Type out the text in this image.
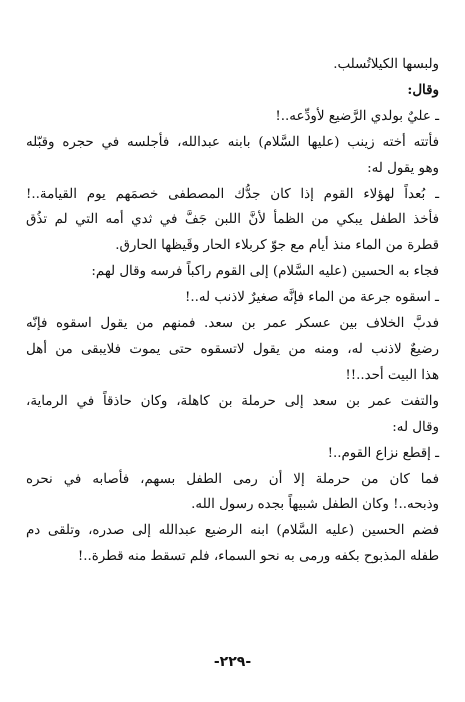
ولبسها الكيلاتُسلب.
وقال:
ـ عليٌ بولدي الرَّضيع لأودِّعه..!
فأتته أخته زينب (عليها السَّلام) بابنه عبدالله، فأجلسه في حجره وقبّله
وهو يقول له:
ـ بُعداً لهؤلاء القوم إذا كان جدُّك المصطفى خصمَهم يوم القيامة..!
فأخذ الطفل يبكي من الظمأ لأنَّ اللبن جَفَّ في ثدي أمه التي لم تذُق
قطرة من الماء منذ أيام مع جوّ كربلاء الحار وقَيظها الحارق.
فجاء به الحسين (عليه السَّلام) إلى القوم راكباً فرسه وقال لهم:
ـ اسقوه جرعة من الماء فإنَّه صغيرٌ لاذنب له..!
فدبَّ الخلاف بين عسكر عمر بن سعد. فمنهم من يقول اسقوه فإنّه
رضيعٌ لاذنب له، ومنه من يقول لاتسقوه حتى يموت فلايبقى من أهل
هذا البيت أحد..!!
والتفت عمر بن سعد إلى حرملة بن كاهلة، وكان حاذقاً في الرماية،
وقال له:
ـ إقطع نزاع القوم..!
فما كان من حرملة إلا أن رمى الطفل بسهم، فأصابه في نحره
وذبحه..! وكان الطفل شبيهاً بجده رسول الله.
فضم الحسين (عليه السَّلام) ابنه الرضيع عبدالله إلى صدره، وتلقى دم
طفله المذبوح بكفه ورمى به نحو السماء، فلم تسقط منه قطرة..!
-٢٢٩-
